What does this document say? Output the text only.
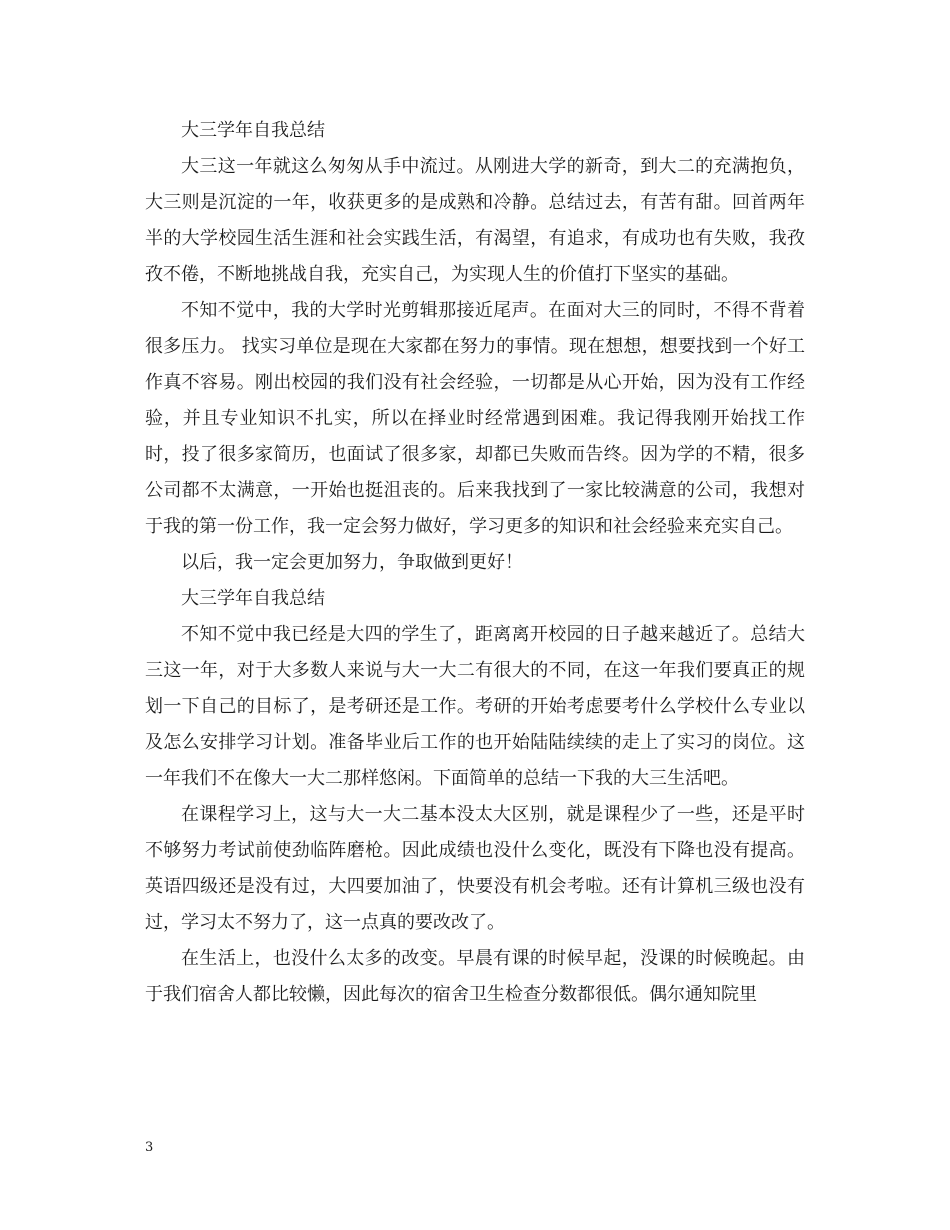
大三学年自我总结

大三这一年就这么匆匆从手中流过。从刚进大学的新奇，到大二的充满抱负，大三则是沉淀的一年，收获更多的是成熟和冷静。总结过去，有苦有甜。回首两年半的大学校园生活生涯和社会实践生活，有渴望，有追求，有成功也有失败，我孜孜不倦，不断地挑战自我，充实自己，为实现人生的价值打下坚实的基础。

不知不觉中，我的大学时光剪辑那接近尾声。在面对大三的同时，不得不背着很多压力。 找实习单位是现在大家都在努力的事情。现在想想，想要找到一个好工作真不容易。刚出校园的我们没有社会经验，一切都是从心开始，因为没有工作经验，并且专业知识不扎实，所以在择业时经常遇到困难。我记得我刚开始找工作时，投了很多家简历，也面试了很多家，却都已失败而告终。因为学的不精，很多公司都不太满意，一开始也挺沮丧的。后来我找到了一家比较满意的公司，我想对于我的第一份工作，我一定会努力做好，学习更多的知识和社会经验来充实自己。

以后，我一定会更加努力，争取做到更好！

大三学年自我总结

不知不觉中我已经是大四的学生了，距离离开校园的日子越来越近了。总结大三这一年，对于大多数人来说与大一大二有很大的不同，在这一年我们要真正的规划一下自己的目标了，是考研还是工作。考研的开始考虑要考什么学校什么专业以及怎么安排学习计划。准备毕业后工作的也开始陆陆续续的走上了实习的岗位。这一年我们不在像大一大二那样悠闲。下面简单的总结一下我的大三生活吧。

在课程学习上，这与大一大二基本没太大区别，就是课程少了一些，还是平时不够努力考试前使劲临阵磨枪。因此成绩也没什么变化，既没有下降也没有提高。英语四级还是没有过，大四要加油了，快要没有机会考啦。还有计算机三级也没有过，学习太不努力了，这一点真的要改改了。

在生活上，也没什么太多的改变。早晨有课的时候早起，没课的时候晚起。由于我们宿舍人都比较懒，因此每次的宿舍卫生检查分数都很低。偶尔通知院里

3
